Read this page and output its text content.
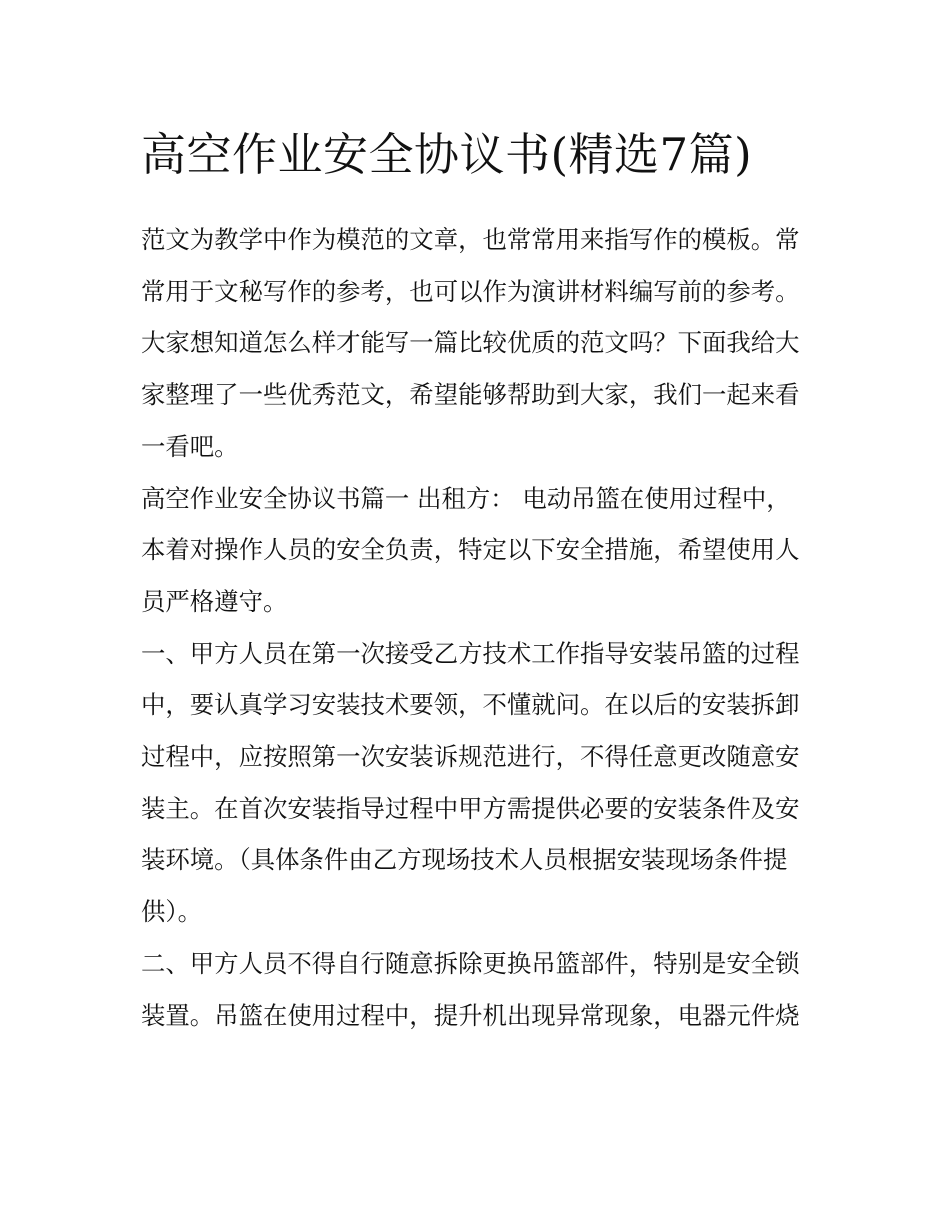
高空作业安全协议书(精选7篇)

范文为教学中作为模范的文章，也常常用来指写作的模板。常常用于文秘写作的参考，也可以作为演讲材料编写前的参考。大家想知道怎么样才能写一篇比较优质的范文吗？下面我给大家整理了一些优秀范文，希望能够帮助到大家，我们一起来看一看吧。

高空作业安全协议书篇一 出租方： 电动吊篮在使用过程中，本着对操作人员的安全负责，特定以下安全措施，希望使用人员严格遵守。

一、甲方人员在第一次接受乙方技术工作指导安装吊篮的过程中，要认真学习安装技术要领，不懂就问。在以后的安装拆卸过程中，应按照第一次安装诉规范进行，不得任意更改随意安装主。在首次安装指导过程中甲方需提供必要的安装条件及安装环境。（具体条件由乙方现场技术人员根据安装现场条件提供）。

二、甲方人员不得自行随意拆除更换吊篮部件，特别是安全锁装置。吊篮在使用过程中，提升机出现异常现象，电器元件烧
